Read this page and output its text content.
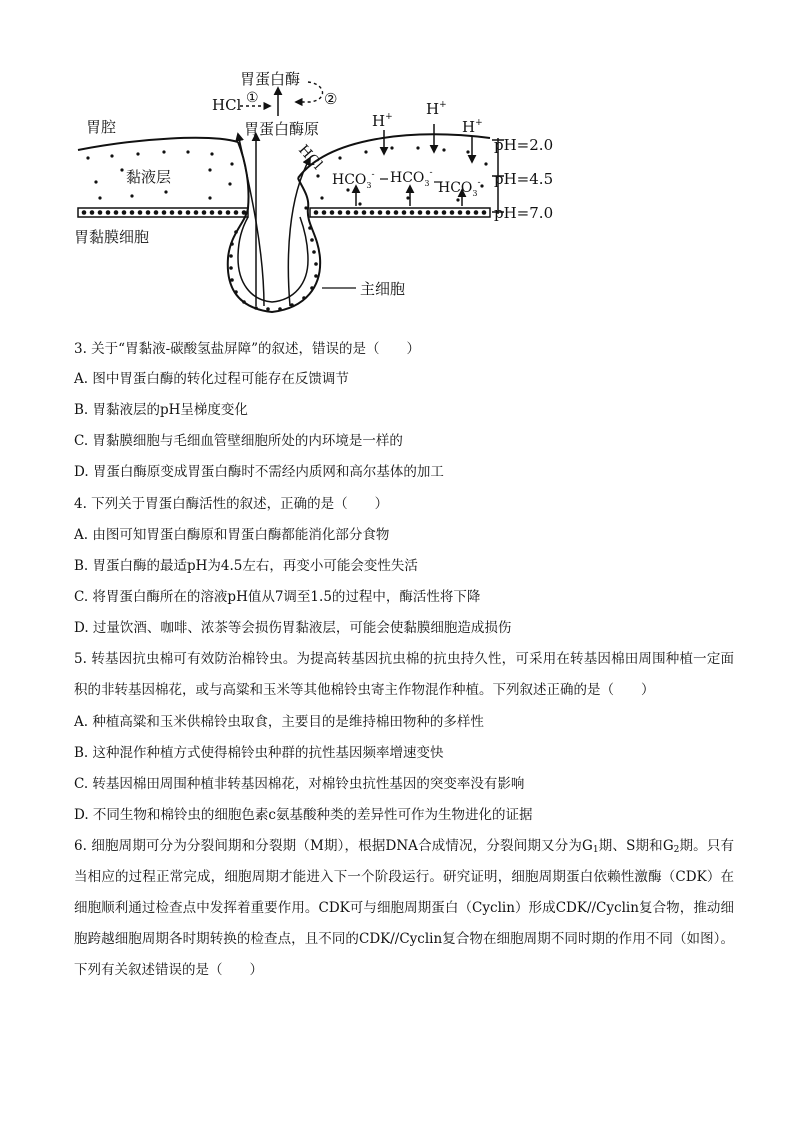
胃蛋白酶
HCl ①	②
胃腔	胃蛋白酶原
HCl
黏液层
胃黏膜细胞
主细胞
H+ H+
H+
$HCO_3^-$ $HCO_3^-$
$HCO_3^-$
pH=2.0
pH=4.5
pH=7.0
3. 关于“胃黏液-碳酸氢盐屏障”的叙述，错误的是（　　）
A. 图中胃蛋白酶的转化过程可能存在反馈调节
B. 胃黏液层的pH呈梯度变化
C. 胃黏膜细胞与毛细血管壁细胞所处的内环境是一样的
D. 胃蛋白酶原变成胃蛋白酶时不需经内质网和高尔基体的加工
4. 下列关于胃蛋白酶活性的叙述，正确的是（　　）
A. 由图可知胃蛋白酶原和胃蛋白酶都能消化部分食物
B. 胃蛋白酶的最适pH为4.5左右，再变小可能会变性失活
C. 将胃蛋白酶所在的溶液pH值从7调至1.5的过程中，酶活性将下降
D. 过量饮酒、咖啡、浓茶等会损伤胃黏液层，可能会使黏膜细胞造成损伤

5. 转基因抗虫棉可有效防治棉铃虫。为提高转基因抗虫棉的抗虫持久性，可采用在转基因棉田周围种植一定面积的非转基因棉花，或与高粱和玉米等其他棉铃虫寄主作物混作种植。下列叙述正确的是（　　）

A. 种植高粱和玉米供棉铃虫取食，主要目的是维持棉田物种的多样性
B. 这种混作种植方式使得棉铃虫种群的抗性基因频率增速变快
C. 转基因棉田周围种植非转基因棉花，对棉铃虫抗性基因的突变率没有影响
D. 不同生物和棉铃虫的细胞色素c氨基酸种类的差异性可作为生物进化的证据

6. 细胞周期可分为分裂间期和分裂期（M期），根据DNA合成情况，分裂间期又分为$G_1$期、S期和$G_2$期。只有当相应的过程正常完成，细胞周期才能进入下一个阶段运行。研究证明，细胞周期蛋白依赖性激酶（CDK）在细胞顺利通过检查点中发挥着重要作用。CDK可与细胞周期蛋白（Cyclin）形成CDK//Cyclin复合物，推动细胞跨越细胞周期各时期转换的检查点，且不同的CDK//Cyclin复合物在细胞周期不同时期的作用不同（如图）。下列有关叙述错误的是（　　）
